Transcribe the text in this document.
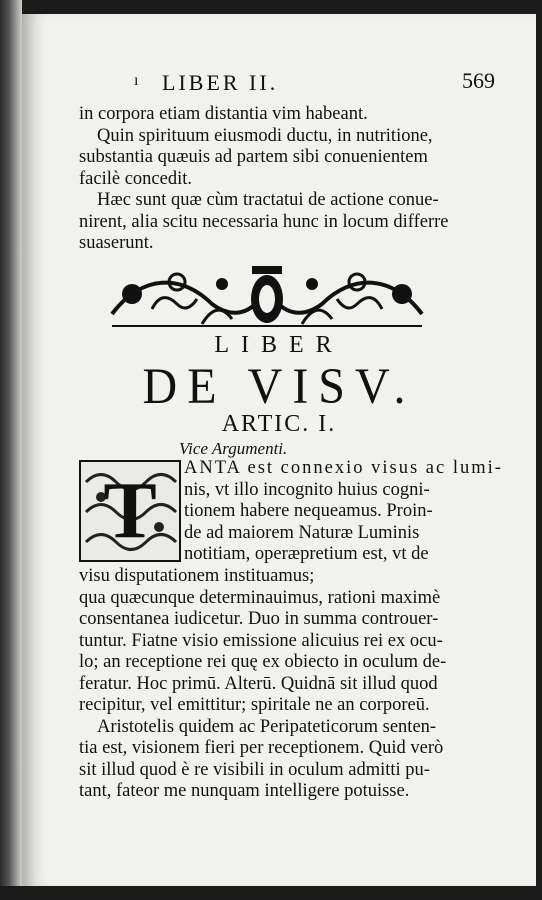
ı LIBER II.	569
in corpora etiam distantia vim habeant.
Quin spirituum eiusmodi ductu, in nutritione,
substantia quæuis ad partem sibi conuenientem
facilè concedit.
Hæc sunt quæ cùm tractatui de actione conue-
nirent, alia scitu necessaria hunc in locum differre
suaserunt.
LIBER
DE VISV.
ARTIC. I.
Vice Argumenti.
T	ANTA est connexio visus ac lumi-
nis, vt illo incognito huius cogni-
tionem habere nequeamus. Proin-
de ad maiorem Naturæ Luminis
notitiam, operæpretium est, vt de
visu disputationem instituamus;
qua quæcunque determinauimus, rationi maximè
consentanea iudicetur. Duo in summa controuer-
tuntur. Fiatne visio emissione alicuius rei ex ocu-
lo; an receptione rei quę ex obiecto in oculum de-
feratur. Hoc primū. Alterū. Quidnā sit illud quod
recipitur, vel emittitur; spiritale ne an corporeū.
Aristotelis quidem ac Peripateticorum senten-
tia est, visionem fieri per receptionem. Quid verò
sit illud quod è re visibili in oculum admitti pu-
tant, fateor me nunquam intelligere potuisse.
